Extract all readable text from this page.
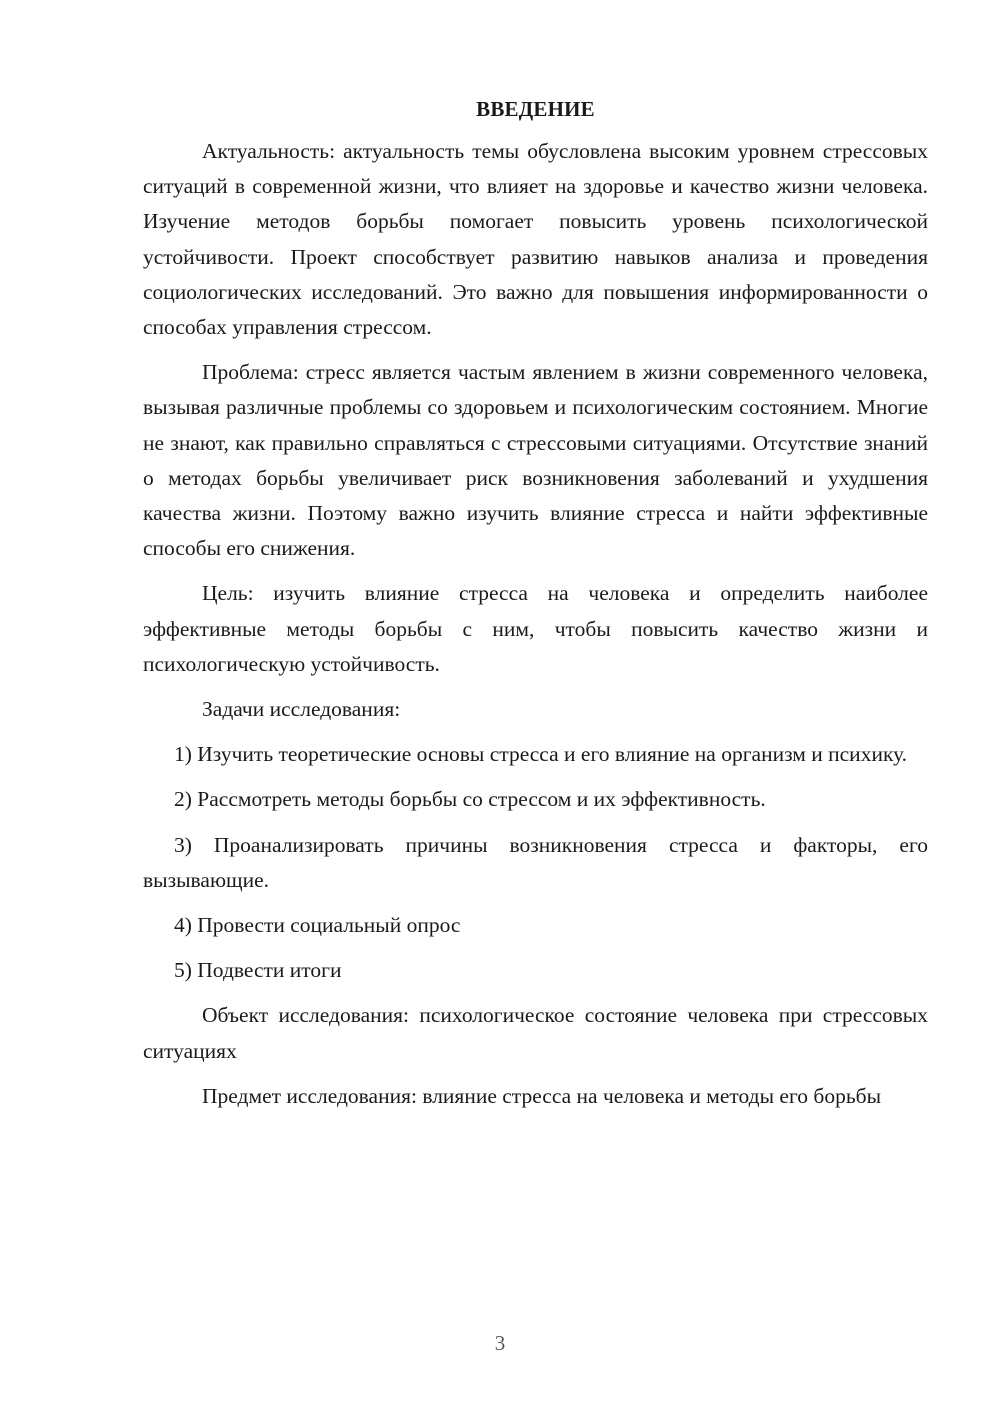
ВВЕДЕНИЕ

Актуальность: актуальность темы обусловлена высоким уровнем стрессовых ситуаций в современной жизни, что влияет на здоровье и качество жизни человека. Изучение методов борьбы помогает повысить уровень психологической устойчивости. Проект способствует развитию навыков анализа и проведения социологических исследований. Это важно для повышения информированности о способах управления стрессом.

Проблема: стресс является частым явлением в жизни современного человека, вызывая различные проблемы со здоровьем и психологическим состоянием. Многие не знают, как правильно справляться с стрессовыми ситуациями. Отсутствие знаний о методах борьбы увеличивает риск возникновения заболеваний и ухудшения качества жизни. Поэтому важно изучить влияние стресса и найти эффективные способы его снижения.

Цель: изучить влияние стресса на человека и определить наиболее эффективные методы борьбы с ним, чтобы повысить качество жизни и психологическую устойчивость.

Задачи исследования:

1) Изучить теоретические основы стресса и его влияние на организм и психику.

2) Рассмотреть методы борьбы со стрессом и их эффективность.

3) Проанализировать причины возникновения стресса и факторы, его вызывающие.

4) Провести социальный опрос

5) Подвести итоги

Объект исследования: психологическое состояние человека при стрессовых ситуациях

Предмет исследования: влияние стресса на человека и методы его борьбы

3
